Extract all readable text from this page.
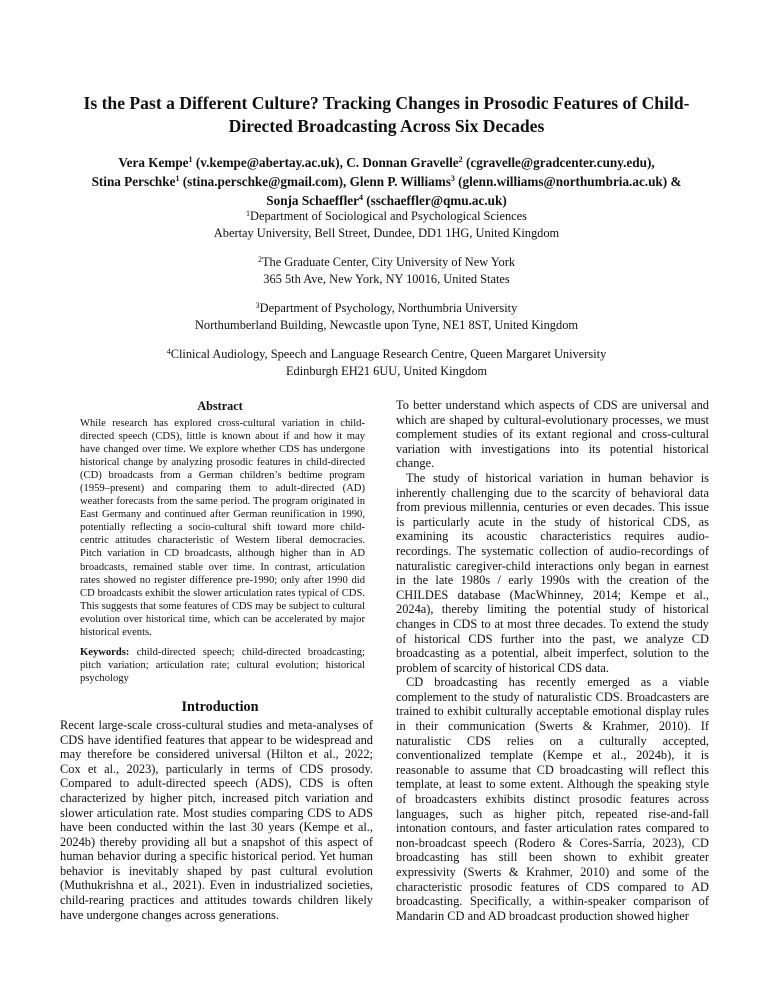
Is the Past a Different Culture? Tracking Changes in Prosodic Features of Child-Directed Broadcasting Across Six Decades
Vera Kempe$^1$ (v.kempe@abertay.ac.uk), C. Donnan Gravelle$^2$ (cgravelle@gradcenter.cuny.edu),
Stina Perschke$^1$ (stina.perschke@gmail.com), Glenn P. Williams$^3$ (glenn.williams@northumbria.ac.uk) &
Sonja Schaeffler$^4$ (sschaeffler@qmu.ac.uk)
$^1$Department of Sociological and Psychological Sciences
Abertay University, Bell Street, Dundee, DD1 1HG, United Kingdom
$^2$The Graduate Center, City University of New York
365 5th Ave, New York, NY 10016, United States
$^3$Department of Psychology, Northumbria University
Northumberland Building, Newcastle upon Tyne, NE1 8ST, United Kingdom
$^4$Clinical Audiology, Speech and Language Research Centre, Queen Margaret University
Edinburgh EH21 6UU, United Kingdom
Abstract

While research has explored cross-cultural variation in child-directed speech (CDS), little is known about if and how it may have changed over time. We explore whether CDS has undergone historical change by analyzing prosodic features in child-directed (CD) broadcasts from a German children’s bedtime program (1959–present) and comparing them to adult-directed (AD) weather forecasts from the same period. The program originated in East Germany and continued after German reunification in 1990, potentially reflecting a socio-cultural shift toward more child-centric attitudes characteristic of Western liberal democracies. Pitch variation in CD broadcasts, although higher than in AD broadcasts, remained stable over time. In contrast, articulation rates showed no register difference pre-1990; only after 1990 did CD broadcasts exhibit the slower articulation rates typical of CDS. This suggests that some features of CDS may be subject to cultural evolution over historical time, which can be accelerated by major historical events.

Keywords: child-directed speech; child-directed broadcasting; pitch variation; articulation rate; cultural evolution; historical psychology

Introduction

Recent large-scale cross-cultural studies and meta-analyses of CDS have identified features that appear to be widespread and may therefore be considered universal (Hilton et al., 2022; Cox et al., 2023), particularly in terms of CDS prosody. Compared to adult-directed speech (ADS), CDS is often characterized by higher pitch, increased pitch variation and slower articulation rate. Most studies comparing CDS to ADS have been conducted within the last 30 years (Kempe et al., 2024b) thereby providing all but a snapshot of this aspect of human behavior during a specific historical period. Yet human behavior is inevitably shaped by past cultural evolution (Muthukrishna et al., 2021). Even in industrialized societies, child-rearing practices and attitudes towards children likely have undergone changes across generations.

To better understand which aspects of CDS are universal and which are shaped by cultural-evolutionary processes, we must complement studies of its extant regional and cross-cultural variation with investigations into its potential historical change.

The study of historical variation in human behavior is inherently challenging due to the scarcity of behavioral data from previous millennia, centuries or even decades. This issue is particularly acute in the study of historical CDS, as examining its acoustic characteristics requires audio-recordings. The systematic collection of audio-recordings of naturalistic caregiver-child interactions only began in earnest in the late 1980s / early 1990s with the creation of the CHILDES database (MacWhinney, 2014; Kempe et al., 2024a), thereby limiting the potential study of historical changes in CDS to at most three decades. To extend the study of historical CDS further into the past, we analyze CD broadcasting as a potential, albeit imperfect, solution to the problem of scarcity of historical CDS data.

CD broadcasting has recently emerged as a viable complement to the study of naturalistic CDS. Broadcasters are trained to exhibit culturally acceptable emotional display rules in their communication (Swerts & Krahmer, 2010). If naturalistic CDS relies on a culturally accepted, conventionalized template (Kempe et al., 2024b), it is reasonable to assume that CD broadcasting will reflect this template, at least to some extent. Although the speaking style of broadcasters exhibits distinct prosodic features across languages, such as higher pitch, repeated rise-and-fall intonation contours, and faster articulation rates compared to non-broadcast speech (Rodero & Cores-Sarría, 2023), CD broadcasting has still been shown to exhibit greater expressivity (Swerts & Krahmer, 2010) and some of the characteristic prosodic features of CDS compared to AD broadcasting. Specifically, a within-speaker comparison of Mandarin CD and AD broadcast production showed higher
